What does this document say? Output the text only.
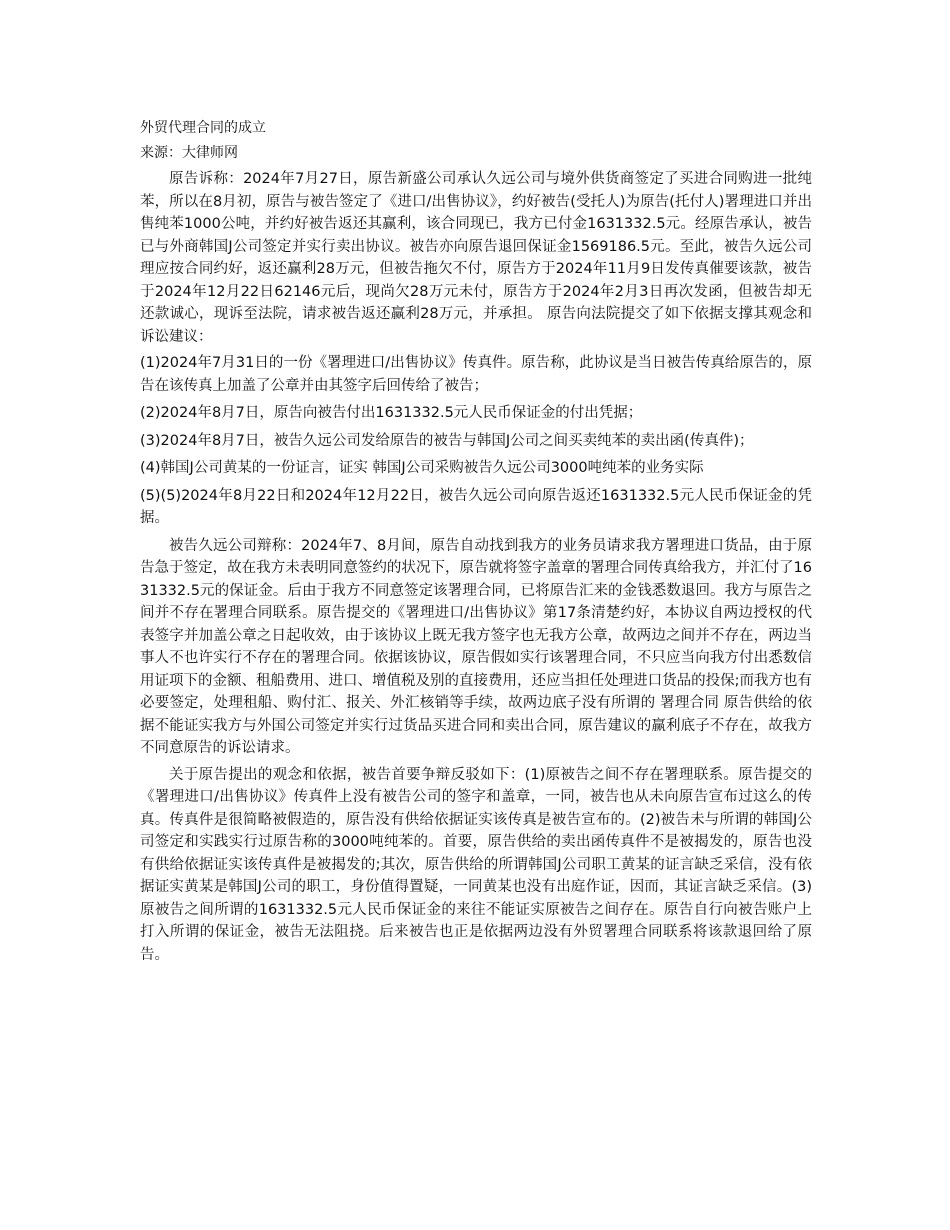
外贸代理合同的成立

来源：大律师网

原告诉称：2024年7月27日，原告新盛公司承认久远公司与境外供货商签定了买进合同购进一批纯苯，所以在8月初，原告与被告签定了《进口/出售协议》，约好被告(受托人)为原告(托付人)署理进口并出售纯苯1000公吨，并约好被告返还其赢利，该合同现已，我方已付金1631332.5元。经原告承认，被告已与外商韩国J公司签定并实行卖出协议。被告亦向原告退回保证金1569186.5元。至此，被告久远公司理应按合同约好，返还赢利28万元，但被告拖欠不付，原告方于2024年11月9日发传真催要该款，被告于2024年12月22日62146元后，现尚欠28万元未付，原告方于2024年2月3日再次发函，但被告却无还款诚心，现诉至法院，请求被告返还赢利28万元，并承担。 原告向法院提交了如下依据支撑其观念和诉讼建议：

(1)2024年7月31日的一份《署理进口/出售协议》传真件。原告称，此协议是当日被告传真给原告的，原告在该传真上加盖了公章并由其签字后回传给了被告；

(2)2024年8月7日，原告向被告付出1631332.5元人民币保证金的付出凭据；

(3)2024年8月7日，被告久远公司发给原告的被告与韩国J公司之间买卖纯苯的卖出函(传真件)；

(4)韩国J公司黄某的一份证言，证实 韩国J公司采购被告久远公司3000吨纯苯的业务实际

(5)(5)2024年8月22日和2024年12月22日，被告久远公司向原告返还1631332.5元人民币保证金的凭据。

被告久远公司辩称：2024年7、8月间，原告自动找到我方的业务员请求我方署理进口货品，由于原告急于签定，故在我方未表明同意签约的状况下，原告就将签字盖章的署理合同传真给我方，并汇付了1631332.5元的保证金。后由于我方不同意签定该署理合同，已将原告汇来的金钱悉数退回。我方与原告之间并不存在署理合同联系。原告提交的《署理进口/出售协议》第17条清楚约好，本协议自两边授权的代表签字并加盖公章之日起收效，由于该协议上既无我方签字也无我方公章，故两边之间并不存在，两边当事人不也许实行不存在的署理合同。依据该协议，原告假如实行该署理合同，不只应当向我方付出悉数信用证项下的金额、租船费用、进口、增值税及别的直接费用，还应当担任处理进口货品的投保;而我方也有必要签定，处理租船、购付汇、报关、外汇核销等手续，故两边底子没有所谓的 署理合同 原告供给的依据不能证实我方与外国公司签定并实行过货品买进合同和卖出合同，原告建议的赢利底子不存在，故我方不同意原告的诉讼请求。

关于原告提出的观念和依据，被告首要争辩反驳如下：(1)原被告之间不存在署理联系。原告提交的《署理进口/出售协议》传真件上没有被告公司的签字和盖章，一同，被告也从未向原告宣布过这么的传真。传真件是很简略被假造的，原告没有供给依据证实该传真是被告宣布的。(2)被告未与所谓的韩国J公司签定和实践实行过原告称的3000吨纯苯的。首要，原告供给的卖出函传真件不是被揭发的，原告也没有供给依据证实该传真件是被揭发的;其次，原告供给的所谓韩国J公司职工黄某的证言缺乏采信，没有依据证实黄某是韩国J公司的职工，身份值得置疑，一同黄某也没有出庭作证，因而，其证言缺乏采信。(3)原被告之间所谓的1631332.5元人民币保证金的来往不能证实原被告之间存在。原告自行向被告账户上打入所谓的保证金，被告无法阻挠。后来被告也正是依据两边没有外贸署理合同联系将该款退回给了原告。
